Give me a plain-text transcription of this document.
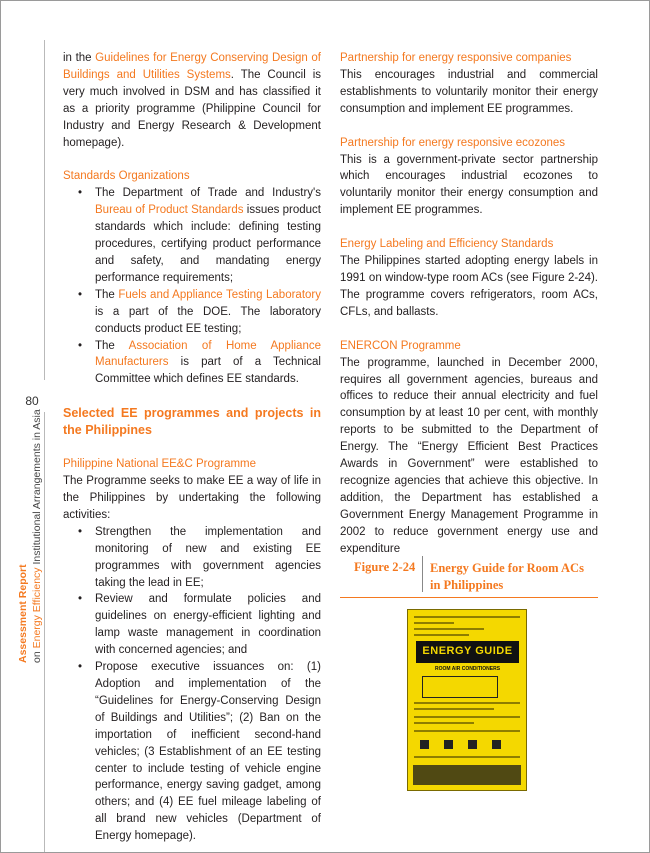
80
Assessment Report on Energy Efficiency Institutional Arrangements in Asia

in the Guidelines for Energy Conserving Design of Buildings and Utilities Systems. The Council is very much involved in DSM and has classified it as a priority programme (Philippine Council for Industry and Energy Research & Development homepage).

Standards Organizations

• The Department of Trade and Industry's Bureau of Product Standards issues product standards which include: defining testing procedures, certifying product performance and safety, and mandating energy performance requirements;
• The Fuels and Appliance Testing Laboratory is a part of the DOE. The laboratory conducts product EE testing;
• The Association of Home Appliance Manufacturers is part of a Technical Committee which defines EE standards.

Selected EE programmes and projects in the Philippines

Philippine National EE&C Programme

The Programme seeks to make EE a way of life in the Philippines by undertaking the following activities:

• Strengthen the implementation and monitoring of new and existing EE programmes with government agencies taking the lead in EE;
• Review and formulate policies and guidelines on energy-efficient lighting and lamp waste management in coordination with concerned agencies; and
• Propose executive issuances on: (1) Adoption and implementation of the “Guidelines for Energy-Conserving Design of Buildings and Utilities”; (2) Ban on the importation of inefficient second-hand vehicles; (3 Establishment of an EE testing center to include testing of vehicle engine performance, energy saving gadget, among others; and (4) EE fuel mileage labeling of all brand new vehicles (Department of Energy homepage).

Partnership for energy responsive companies

This encourages industrial and commercial establishments to voluntarily monitor their energy consumption and implement EE programmes.

Partnership for energy responsive ecozones

This is a government-private sector partnership which encourages industrial ecozones to voluntarily monitor their energy consumption and implement EE programmes.

Energy Labeling and Efficiency Standards

The Philippines started adopting energy labels in 1991 on window-type room ACs (see Figure 2-24). The programme covers refrigerators, room ACs, CFLs, and ballasts.

ENERCON Programme

The programme, launched in December 2000, requires all government agencies, bureaus and offices to reduce their annual electricity and fuel consumption by at least 10 per cent, with monthly reports to be submitted to the Department of Energy. The “Energy Efficient Best Practices Awards in Government” were established to recognize agencies that achieve this objective. In addition, the Department has established a Government Energy Management Programme in 2002 to reduce government energy use and expenditure

Figure 2-24 Energy Guide for Room ACs in Philippines
ENERGY GUIDE
ROOM AIR CONDITIONERS
